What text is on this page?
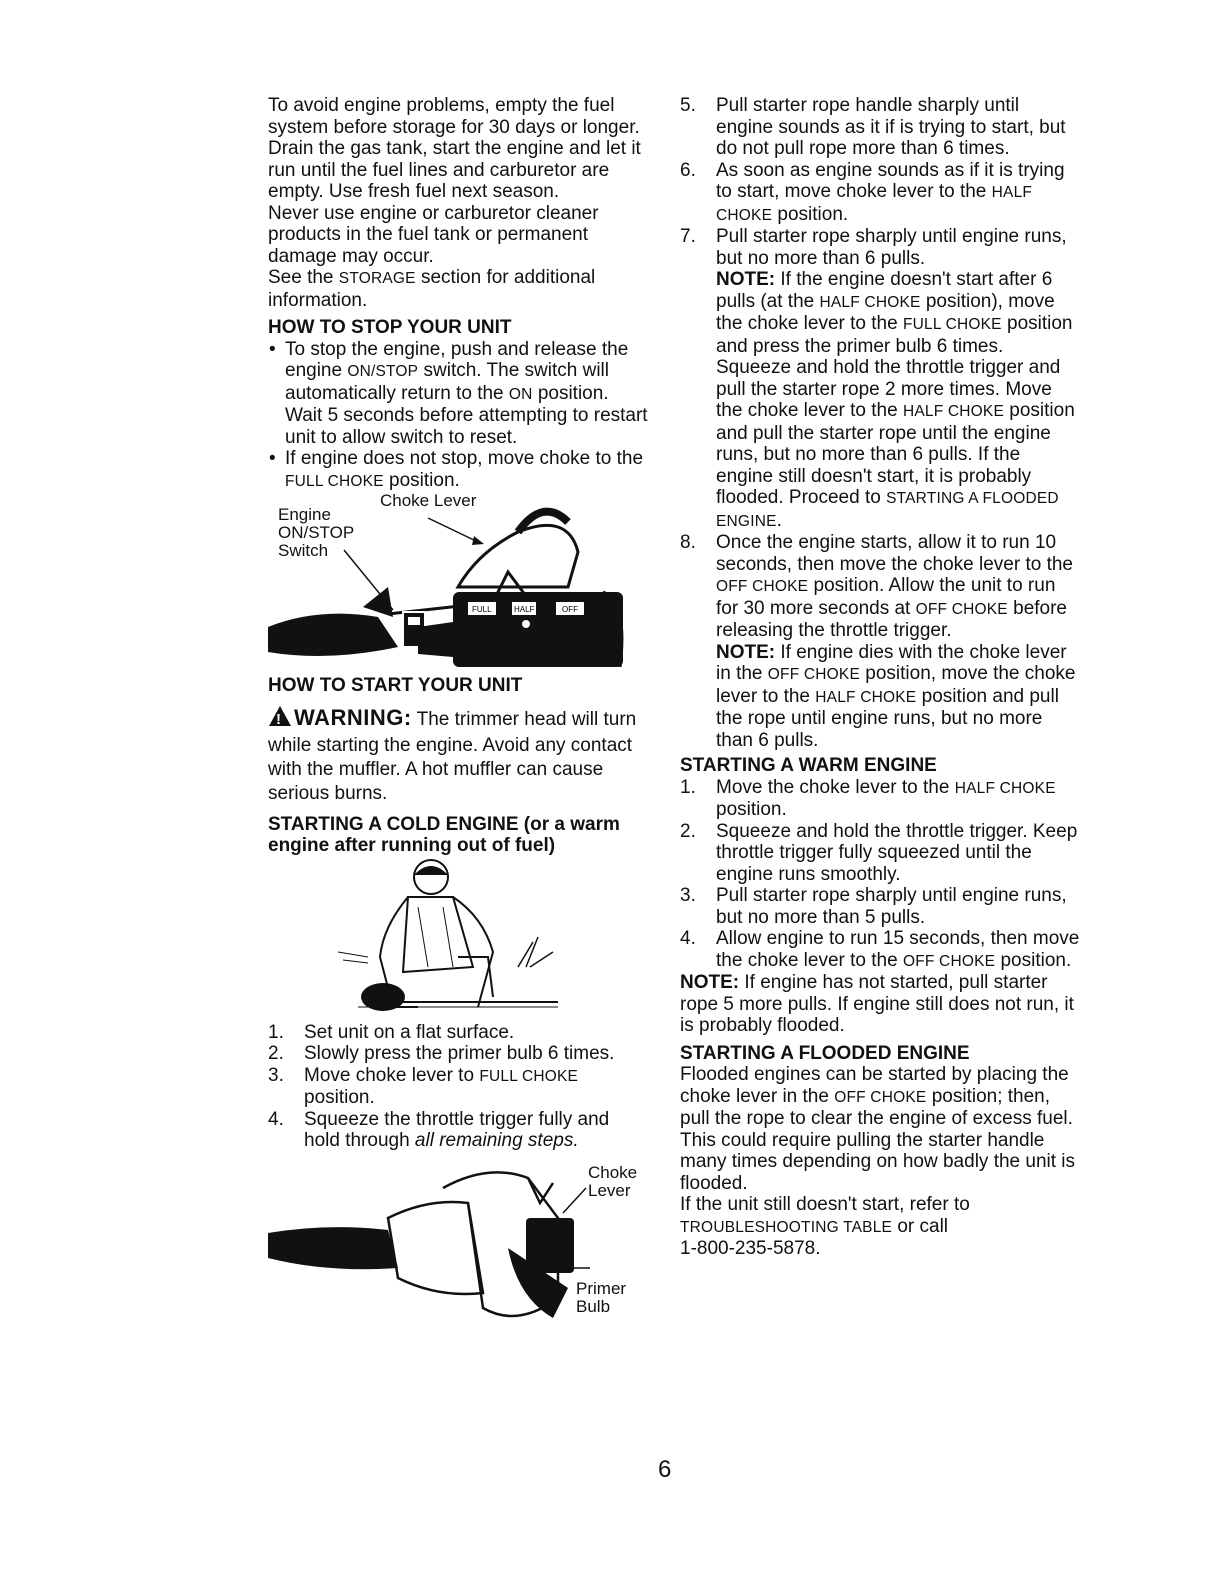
To avoid engine problems, empty the fuel system before storage for 30 days or longer. Drain the gas tank, start the engine and let it run until the fuel lines and carburetor are empty. Use fresh fuel next season.

Never use engine or carburetor cleaner products in the fuel tank or permanent damage may occur.

See the STORAGE section for additional information.

HOW TO STOP YOUR UNIT
• To stop the engine, push and release the engine ON/STOP switch. The switch will automatically return to the ON position. Wait 5 seconds before attempting to restart unit to allow switch to reset.
• If engine does not stop, move choke to the FULL CHOKE position.
Choke Lever
Engine ON/STOP Switch
FULL	HALF	OFF
HOW TO START YOUR UNIT

! WARNING: The trimmer head will turn while starting the engine. Avoid any contact with the muffler. A hot muffler can cause serious burns.

STARTING A COLD ENGINE (or a warm engine after running out of fuel)
1. Set unit on a flat surface.
2. Slowly press the primer bulb 6 times.
3. Move choke lever to FULL CHOKE position.
4. Squeeze the throttle trigger fully and hold through all remaining steps.
Choke Lever
Primer Bulb
5. Pull starter rope handle sharply until engine sounds as it if is trying to start, but do not pull rope more than 6 times.
6. As soon as engine sounds as if it is trying to start, move choke lever to the HALF CHOKE position.
7. Pull starter rope sharply until engine runs, but no more than 6 pulls.
NOTE: If the engine doesn't start after 6 pulls (at the HALF CHOKE position), move the choke lever to the FULL CHOKE position and press the primer bulb 6 times. Squeeze and hold the throttle trigger and pull the starter rope 2 more times. Move the choke lever to the HALF CHOKE position and pull the starter rope until the engine runs, but no more than 6 pulls. If the engine still doesn't start, it is probably flooded. Proceed to STARTING A FLOODED ENGINE.
8. Once the engine starts, allow it to run 10 seconds, then move the choke lever to the OFF CHOKE position. Allow the unit to run for 30 more seconds at OFF CHOKE before releasing the throttle trigger.
NOTE: If engine dies with the choke lever in the OFF CHOKE position, move the choke lever to the HALF CHOKE position and pull the rope until engine runs, but no more than 6 pulls.
STARTING A WARM ENGINE
1. Move the choke lever to the HALF CHOKE position.
2. Squeeze and hold the throttle trigger. Keep throttle trigger fully squeezed until the engine runs smoothly.
3. Pull starter rope sharply until engine runs, but no more than 5 pulls.
4. Allow engine to run 15 seconds, then move the choke lever to the OFF CHOKE position.

NOTE: If engine has not started, pull starter rope 5 more pulls. If engine still does not run, it is probably flooded.

STARTING A FLOODED ENGINE

Flooded engines can be started by placing the choke lever in the OFF CHOKE position; then, pull the rope to clear the engine of excess fuel. This could require pulling the starter handle many times depending on how badly the unit is flooded.

If the unit still doesn't start, refer to TROUBLESHOOTING TABLE or call
1-800-235-5878.

6
